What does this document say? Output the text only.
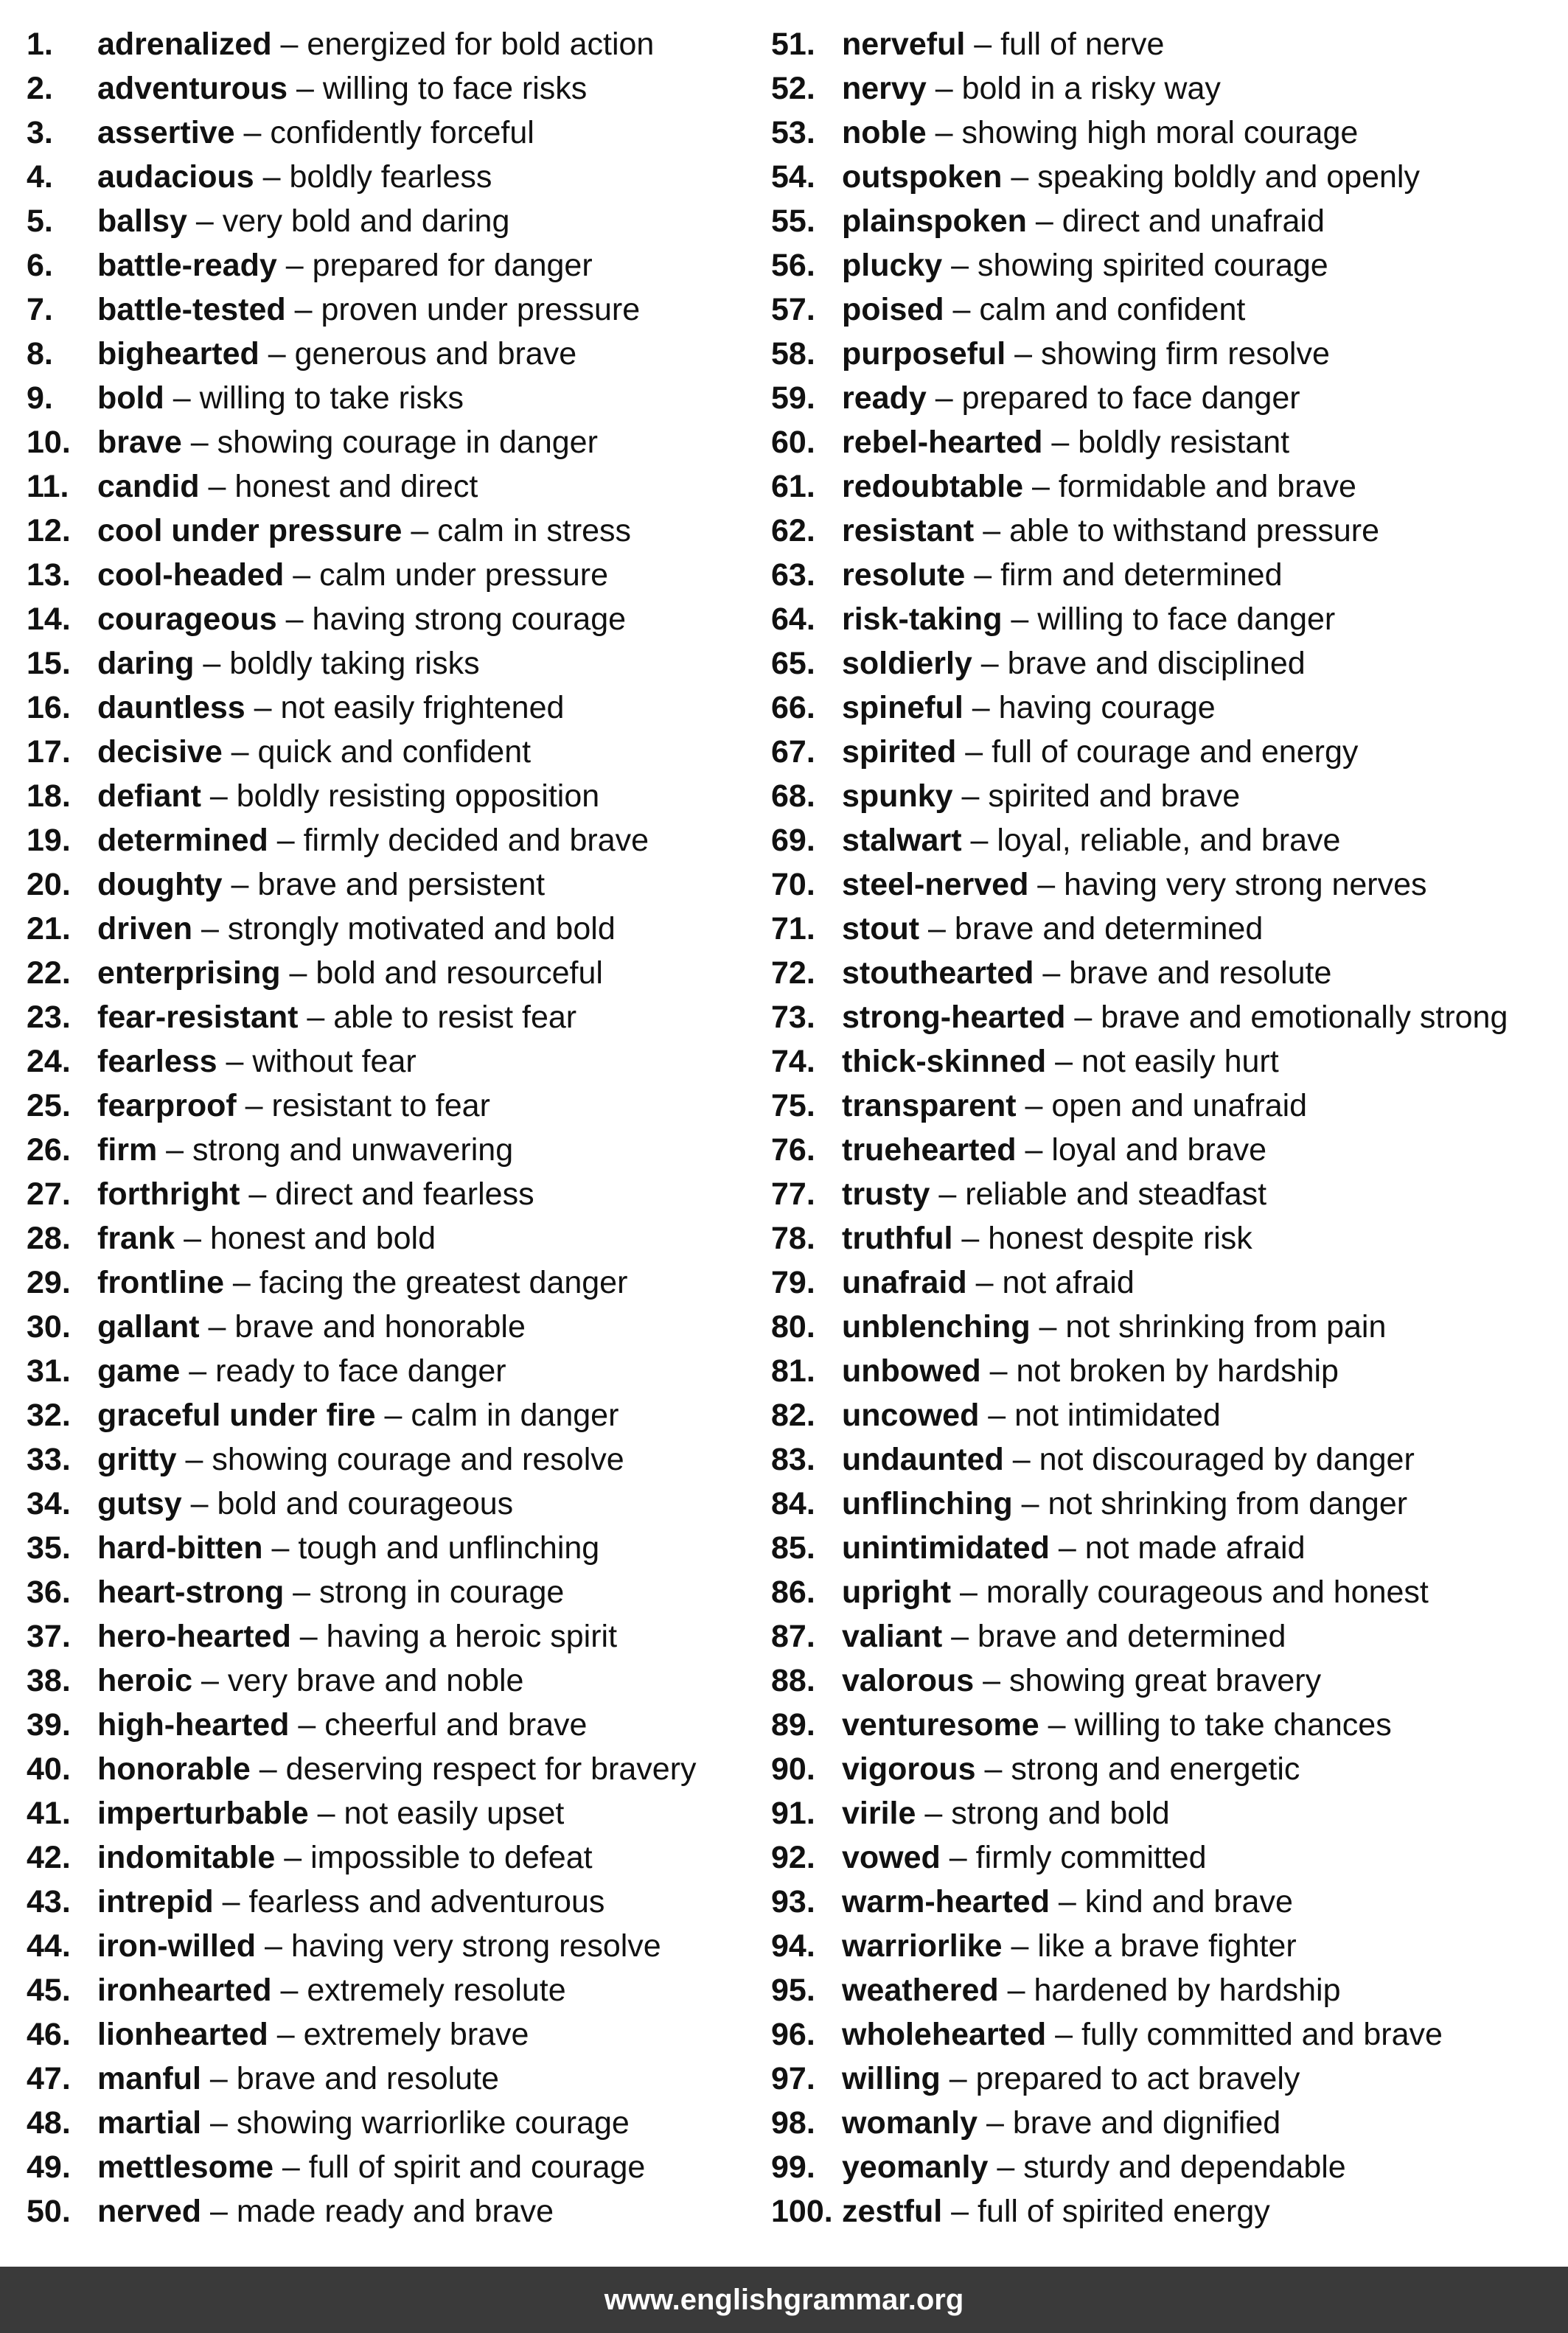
1. adrenalized – energized for bold action
2. adventurous – willing to face risks
3. assertive – confidently forceful
4. audacious – boldly fearless
5. ballsy – very bold and daring
6. battle-ready – prepared for danger
7. battle-tested – proven under pressure
8. bighearted – generous and brave
9. bold – willing to take risks
10. brave – showing courage in danger
11. candid – honest and direct
12. cool under pressure – calm in stress
13. cool-headed – calm under pressure
14. courageous – having strong courage
15. daring – boldly taking risks
16. dauntless – not easily frightened
17. decisive – quick and confident
18. defiant – boldly resisting opposition
19. determined – firmly decided and brave
20. doughty – brave and persistent
21. driven – strongly motivated and bold
22. enterprising – bold and resourceful
23. fear-resistant – able to resist fear
24. fearless – without fear
25. fearproof – resistant to fear
26. firm – strong and unwavering
27. forthright – direct and fearless
28. frank – honest and bold
29. frontline – facing the greatest danger
30. gallant – brave and honorable
31. game – ready to face danger
32. graceful under fire – calm in danger
33. gritty – showing courage and resolve
34. gutsy – bold and courageous
35. hard-bitten – tough and unflinching
36. heart-strong – strong in courage
37. hero-hearted – having a heroic spirit
38. heroic – very brave and noble
39. high-hearted – cheerful and brave
40. honorable – deserving respect for bravery
41. imperturbable – not easily upset
42. indomitable – impossible to defeat
43. intrepid – fearless and adventurous
44. iron-willed – having very strong resolve
45. ironhearted – extremely resolute
46. lionhearted – extremely brave
47. manful – brave and resolute
48. martial – showing warriorlike courage
49. mettlesome – full of spirit and courage
50. nerved – made ready and brave
51. nerveful – full of nerve
52. nervy – bold in a risky way
53. noble – showing high moral courage
54. outspoken – speaking boldly and openly
55. plainspoken – direct and unafraid
56. plucky – showing spirited courage
57. poised – calm and confident
58. purposeful – showing firm resolve
59. ready – prepared to face danger
60. rebel-hearted – boldly resistant
61. redoubtable – formidable and brave
62. resistant – able to withstand pressure
63. resolute – firm and determined
64. risk-taking – willing to face danger
65. soldierly – brave and disciplined
66. spineful – having courage
67. spirited – full of courage and energy
68. spunky – spirited and brave
69. stalwart – loyal, reliable, and brave
70. steel-nerved – having very strong nerves
71. stout – brave and determined
72. stouthearted – brave and resolute
73. strong-hearted – brave and emotionally strong
74. thick-skinned – not easily hurt
75. transparent – open and unafraid
76. truehearted – loyal and brave
77. trusty – reliable and steadfast
78. truthful – honest despite risk
79. unafraid – not afraid
80. unblenching – not shrinking from pain
81. unbowed – not broken by hardship
82. uncowed – not intimidated
83. undaunted – not discouraged by danger
84. unflinching – not shrinking from danger
85. unintimidated – not made afraid
86. upright – morally courageous and honest
87. valiant – brave and determined
88. valorous – showing great bravery
89. venturesome – willing to take chances
90. vigorous – strong and energetic
91. virile – strong and bold
92. vowed – firmly committed
93. warm-hearted – kind and brave
94. warriorlike – like a brave fighter
95. weathered – hardened by hardship
96. wholehearted – fully committed and brave
97. willing – prepared to act bravely
98. womanly – brave and dignified
99. yeomanly – sturdy and dependable
100. zestful – full of spirited energy
www.englishgrammar.org
